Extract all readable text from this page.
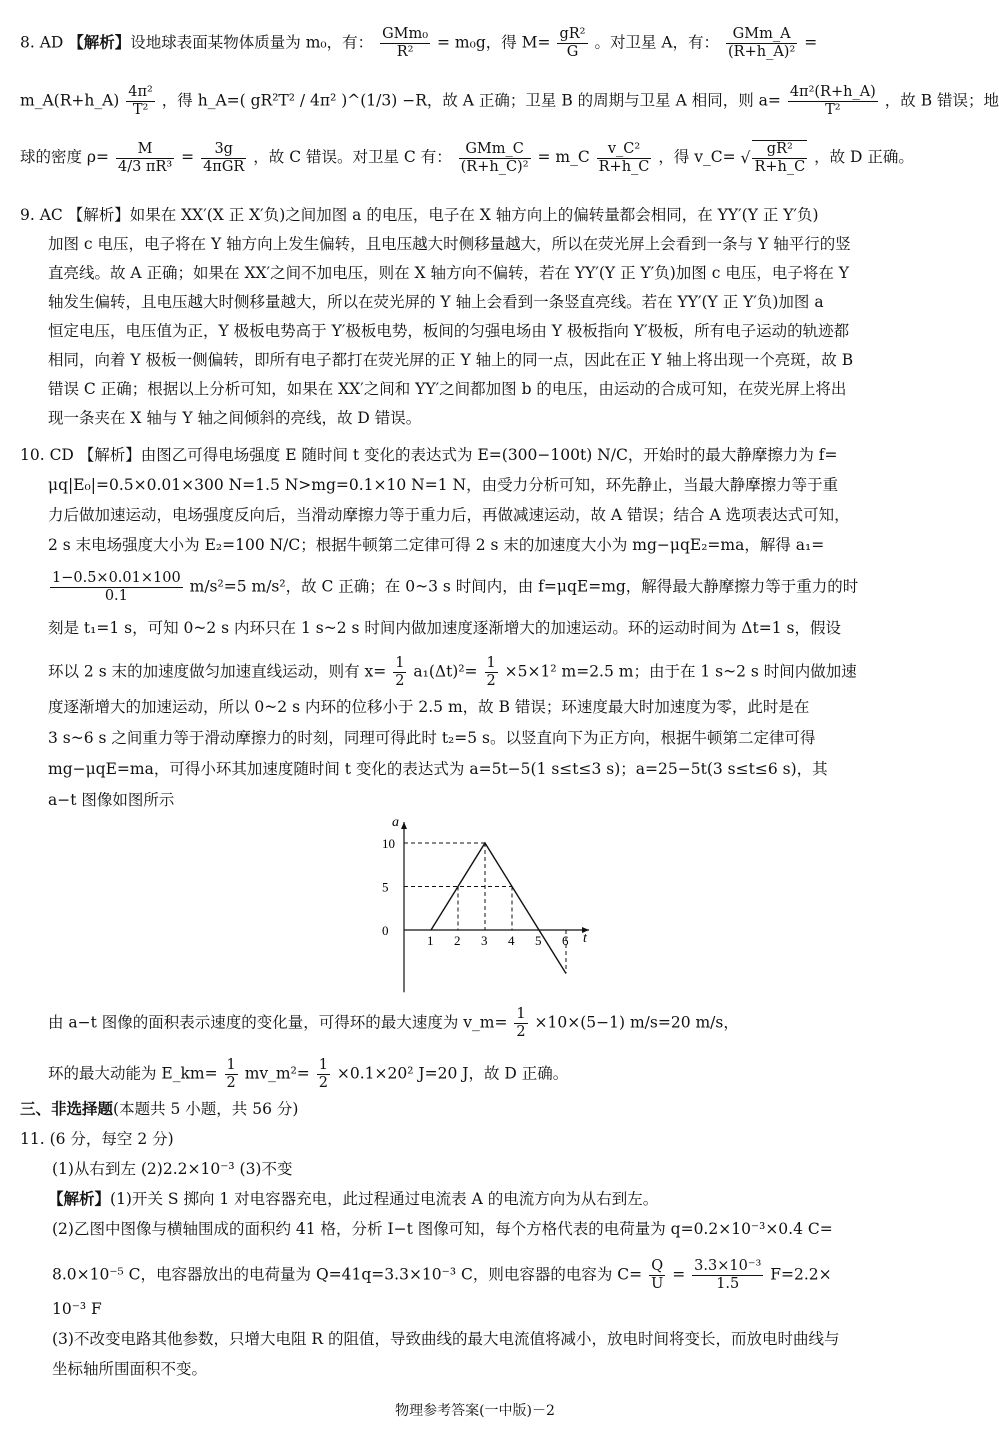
8. AD 【解析】设地球表面某物体质量为 m₀，有： $\frac{\text{GMm₀}}{\text{R²}} = m_0g$，得 $M= \frac{\text{gR²}}{G}$ 。对卫星 A，有： $\frac{\text{GMm\_A}}{\text{(R+h\_A)²}}$ =
m_A(R+h_A) $\frac{\text{4π²}}{\text{T²}}$ ，得 h_A=( gR²T² / 4π² )^(1/3) −R，故 A 正确；卫星 B 的周期与卫星 A 相同，则 $a= \frac{\text{4π²(R+h\_A)}}{\text{T²}}$ ，故 B 错误；地
球的密度 $\rho= \frac{M}{\text{4/3 πR³}} = \frac{3g}{\text{4πGR}}$ ，故 C 错误。对卫星 C 有： $\frac{\text{GMm\_C}}{\text{(R+h\_C)²}}$ = m_C $\frac{\text{v\_C²}}{R+h\_C}$ ，得 v_C= √ $\frac{\text{gR²}}{R+h\_C}$ ，故 D 正确。
9. AC 【解析】如果在 XX′(X 正 X′负)之间加图 a 的电压，电子在 X 轴方向上的偏转量都会相同，在 YY′(Y 正 Y′负)
加图 c 电压，电子将在 Y 轴方向上发生偏转，且电压越大时侧移量越大，所以在荧光屏上会看到一条与 Y 轴平行的竖
直亮线。故 A 正确；如果在 XX′之间不加电压，则在 X 轴方向不偏转，若在 YY′(Y 正 Y′负)加图 c 电压，电子将在 Y
轴发生偏转，且电压越大时侧移量越大，所以在荧光屏的 Y 轴上会看到一条竖直亮线。若在 YY′(Y 正 Y′负)加图 a
恒定电压，电压值为正，Y 极板电势高于 Y′极板电势，板间的匀强电场由 Y 极板指向 Y′极板，所有电子运动的轨迹都
相同，向着 Y 极板一侧偏转，即所有电子都打在荧光屏的正 Y 轴上的同一点，因此在正 Y 轴上将出现一个亮斑，故 B
错误 C 正确；根据以上分析可知，如果在 XX′之间和 YY′之间都加图 b 的电压，由运动的合成可知，在荧光屏上将出
现一条夹在 X 轴与 Y 轴之间倾斜的亮线，故 D 错误。
10. CD 【解析】由图乙可得电场强度 E 随时间 t 变化的表达式为 E=(300−100t) N/C，开始时的最大静摩擦力为 f=
μq|E₀|=0.5×0.01×300 N=1.5 N>mg=0.1×10 N=1 N，由受力分析可知，环先静止，当最大静摩擦力等于重
力后做加速运动，电场强度反向后，当滑动摩擦力等于重力后，再做减速运动，故 A 错误；结合 A 选项表达式可知，
2 s 末电场强度大小为 E₂=100 N/C；根据牛顿第二定律可得 2 s 末的加速度大小为 mg−μqE₂=ma，解得 a₁=
$\frac{1-0.5\times 0.01\times 100}{0.1} m/s^2=5$ m/s²，故 C 正确；在 0~3 s 时间内，由 f=μqE=mg，解得最大静摩擦力等于重力的时
刻是 t₁=1 s，可知 0~2 s 内环只在 1 s~2 s 时间内做加速度逐渐增大的加速运动。环的运动时间为 Δt=1 s，假设
环以 2 s 末的加速度做匀加速直线运动，则有 $x= \frac{1}{2} a_1(\Delta t)^2= \frac{1}{2} \times 5\times 1^2$ m=2.5 m；由于在 1 s~2 s 时间内做加速
度逐渐增大的加速运动，所以 0~2 s 内环的位移小于 2.5 m，故 B 错误；环速度最大时加速度为零，此时是在
3 s~6 s 之间重力等于滑动摩擦力的时刻，同理可得此时 t₂=5 s。以竖直向下为正方向，根据牛顿第二定律可得
mg−μqE=ma，可得小环其加速度随时间 t 变化的表达式为 a=5t−5(1 s≤t≤3 s)；a=25−5t(3 s≤t≤6 s)，其
a−t 图像如图所示
a
t
0
5
10
1 2 3 4 5 6
由 a−t 图像的面积表示速度的变化量，可得环的最大速度为 v_m= $\frac{1}{2} \times 10\times(5-1)$ m/s=20 m/s，
环的最大动能为 E_km= $\frac{1}{2}$ mv_m²= $\frac{1}{2} \times 0.1\times 20^2$ J=20 J，故 D 正确。
三、非选择题(本题共 5 小题，共 56 分)
11. (6 分，每空 2 分)
(1)从右到左 (2)2.2×10⁻³ (3)不变
【解析】(1)开关 S 掷向 1 对电容器充电，此过程通过电流表 A 的电流方向为从右到左。
(2)乙图中图像与横轴围成的面积约 41 格，分析 I−t 图像可知，每个方格代表的电荷量为 q=0.2×10⁻³×0.4 C=
8.0×10⁻⁵ C，电容器放出的电荷量为 Q=41q=3.3×10⁻³ C，则电容器的电容为 $C= \frac{Q}{U} = \frac{\text{3.3×10⁻³}}{1.5} F=2.2\times$
10⁻³ F
(3)不改变电路其他参数，只增大电阻 R 的阻值，导致曲线的最大电流值将减小，放电时间将变长，而放电时曲线与
坐标轴所围面积不变。
物理参考答案(一中版)－2
